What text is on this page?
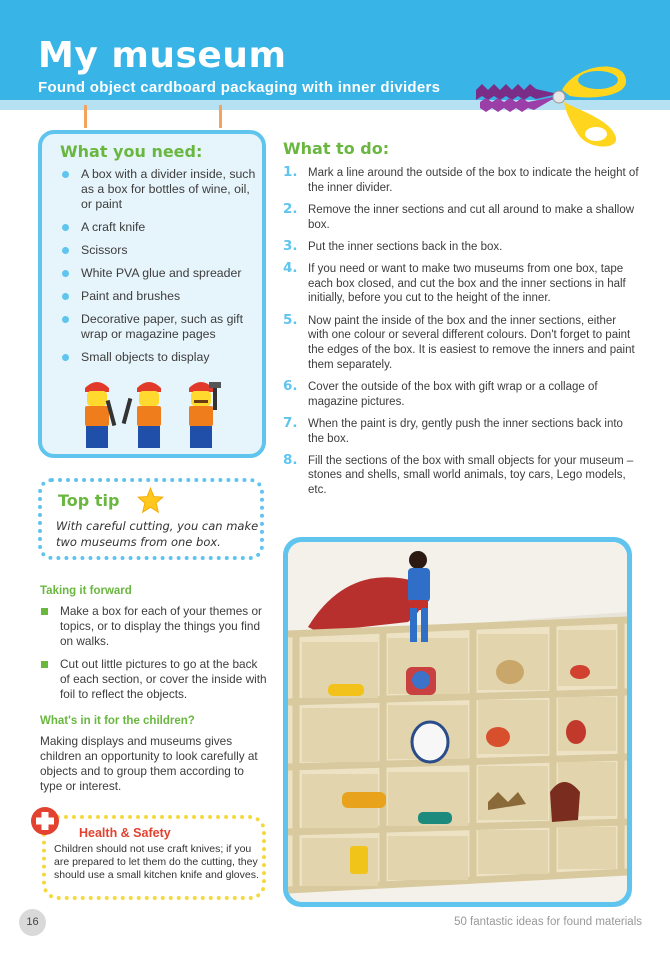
My museum
Found object cardboard packaging with inner dividers
What you need:
A box with a divider inside, such as a box for bottles of wine, oil, or paint
A craft knife
Scissors
White PVA glue and spreader
Paint and brushes
Decorative paper, such as gift wrap or magazine pages
Small objects to display
Top tip
With careful cutting, you can make two museums from one box.
Taking it forward
Make a box for each of your themes or topics, or to display the things you find on walks.
Cut out little pictures to go at the back of each section, or cover the inside with foil to reflect the objects.
What's in it for the children?
Making displays and museums gives children an opportunity to look carefully at objects and to group them according to type or interest.
Health & Safety
Children should not use craft knives; if you are prepared to let them do the cutting, they should use a small kitchen knife and gloves.
What to do:
1. Mark a line around the outside of the box to indicate the height of the inner divider.
2. Remove the inner sections and cut all around to make a shallow box.
3. Put the inner sections back in the box.
4. If you need or want to make two museums from one box, tape each box closed, and cut the box and the inner sections in half initially, before you cut to the height of the inner.
5. Now paint the inside of the box and the inner sections, either with one colour or several different colours. Don't forget to paint the edges of the box. It is easiest to remove the inners and paint them separately.
6. Cover the outside of the box with gift wrap or a collage of magazine pictures.
7. When the paint is dry, gently push the inner sections back into the box.
8. Fill the sections of the box with small objects for your museum – stones and shells, small world animals, toy cars, Lego models, etc.
16	50 fantastic ideas for found materials
